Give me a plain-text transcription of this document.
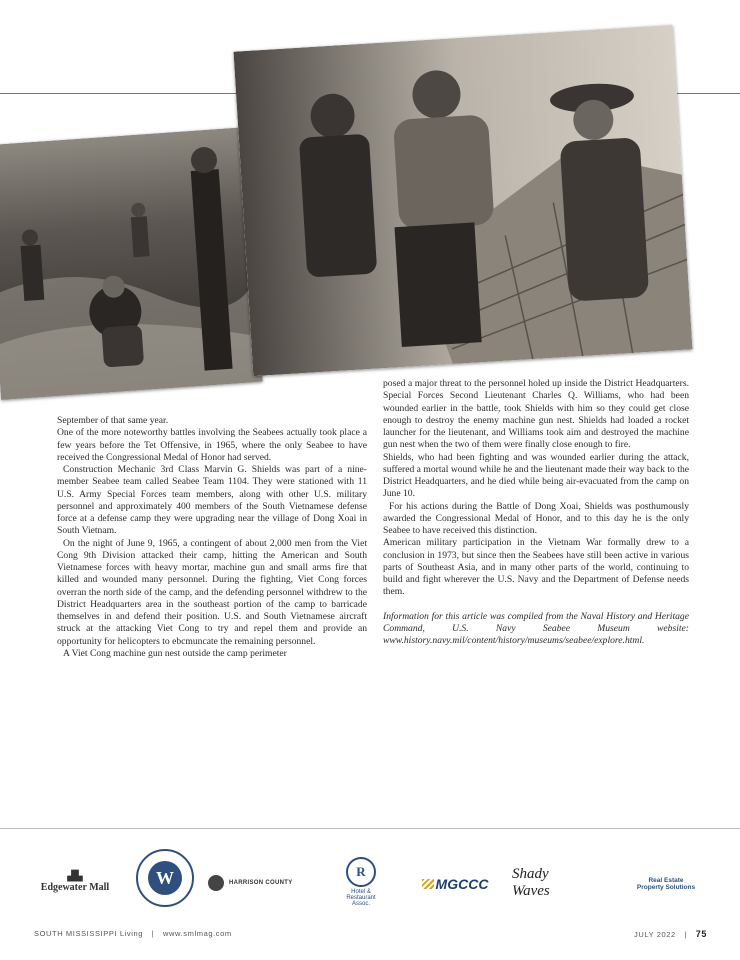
September of that same year.

One of the more noteworthy battles involving the Seabees actually took place a few years before the Tet Offensive, in 1965, where the only Seabee to have received the Congressional Medal of Honor had served.

Construction Mechanic 3rd Class Marvin G. Shields was part of a nine-member Seabee team called Seabee Team 1104. They were stationed with 11 U.S. Army Special Forces team members, along with other U.S. military personnel and approximately 400 members of the South Vietnamese defense force at a defense camp they were upgrading near the village of Dong Xoai in South Vietnam.

On the night of June 9, 1965, a contingent of about 2,000 men from the Viet Cong 9th Division attacked their camp, hitting the American and South Vietnamese forces with heavy mortar, machine gun and small arms fire that killed and wounded many personnel. During the fighting, Viet Cong forces overran the north side of the camp, and the defending personnel withdrew to the District Headquarters area in the southeast portion of the camp to barricade themselves in and defend their position. U.S. and South Vietnamese aircraft struck at the attacking Viet Cong to try and repel them and provide an opportunity for helicopters to ebcmuncate the remaining personnel.

A Viet Cong machine gun nest outside the camp perimeter

posed a major threat to the personnel holed up inside the District Headquarters. Special Forces Second Lieutenant Charles Q. Williams, who had been wounded earlier in the battle, took Shields with him so they could get close enough to destroy the enemy machine gun nest. Shields had loaded a rocket launcher for the lieutenant, and Williams took aim and destroyed the machine gun nest when the two of them were finally close enough to fire.

Shields, who had been fighting and was wounded earlier during the attack, suffered a mortal wound while he and the lieutenant made their way back to the District Headquarters, and he died while being air-evacuated from the camp on June 10.

For his actions during the Battle of Dong Xoai, Shields was posthumously awarded the Congressional Medal of Honor, and to this day he is the only Seabee to have received this distinction.

American military participation in the Vietnam War formally drew to a conclusion in 1973, but since then the Seabees have still been active in various parts of Southeast Asia, and in many other parts of the world, continuing to build and fight wherever the U.S. Navy and the Department of Defense needs them.

Information for this article was compiled from the Naval History and Heritage Command, U.S. Navy Seabee Museum website: www.history.navy.mil/content/history/museums/seabee/explore.html.

▟▙
Edgewater Mall	W	HARRISON COUNTY
R
Hotel &
Restaurant
Assoc.
MGCCC
Shady Waves
Real Estate
Property Solutions
SOUTH MISSISSIPPI Living | www.smlmag.com	JULY 2022 | 75
